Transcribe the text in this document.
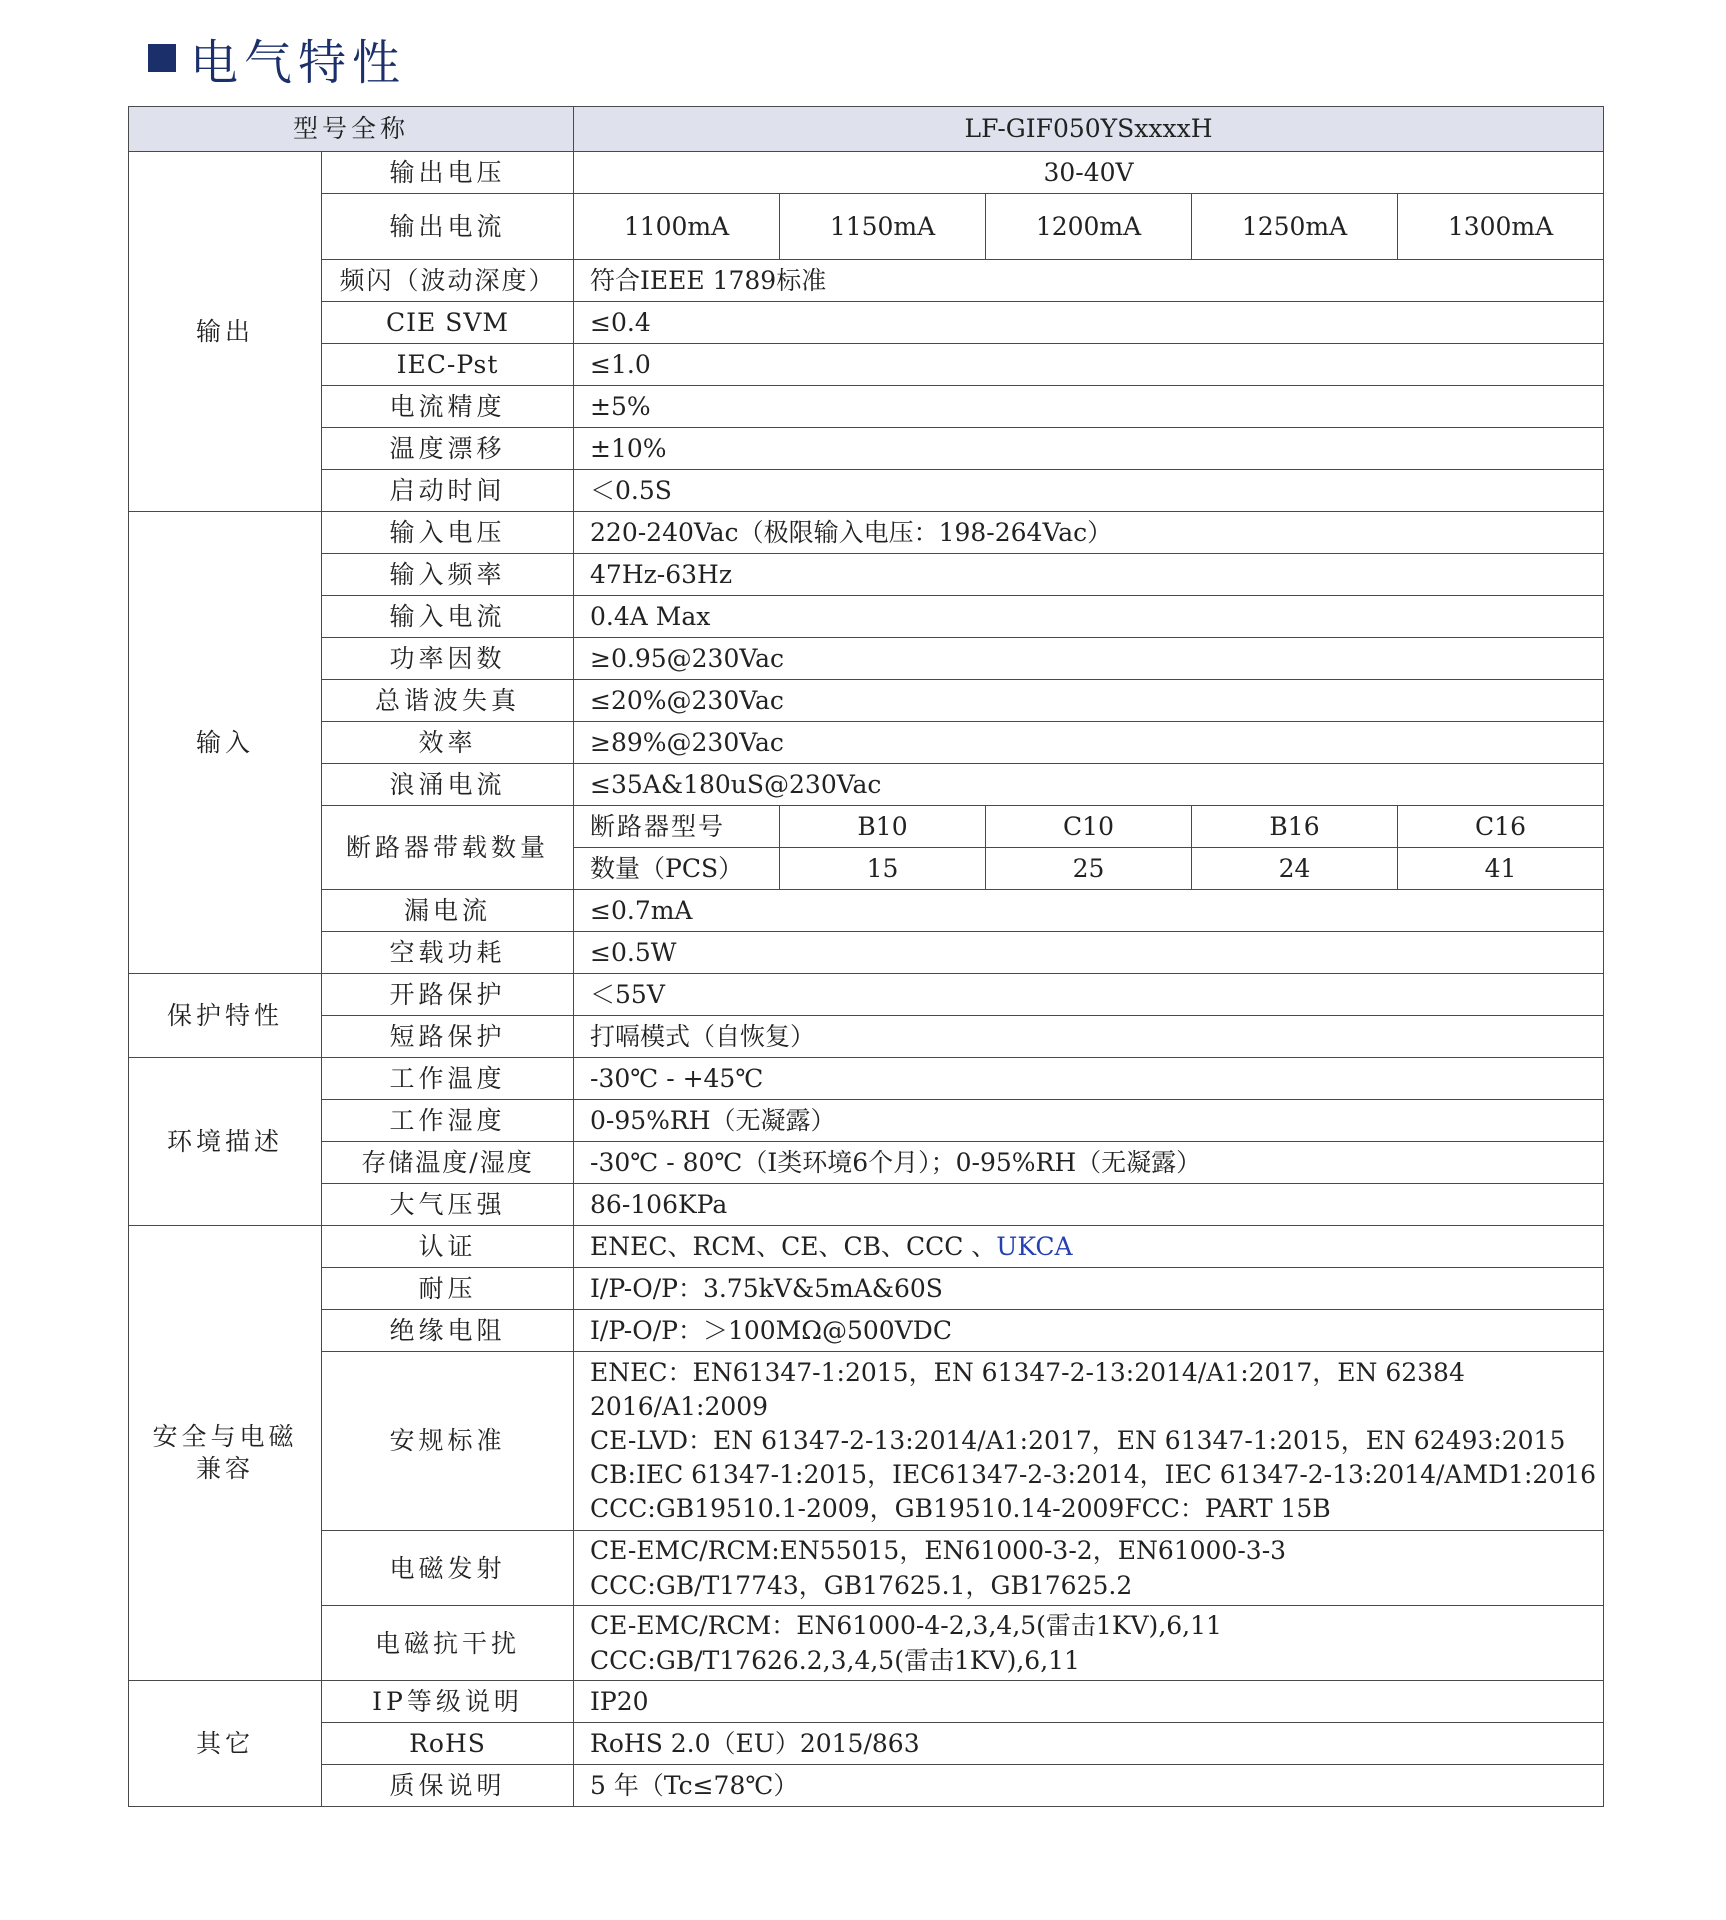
电气特性
型号全称		LF-GIF050YSxxxxH				
输出	输出电压	30-40V				
	输出电流	1100mA	1150mA	1200mA	1250mA	1300mA
	频闪（波动深度）	符合IEEE 1789标准				
	CIE SVM	≤0.4				
	IEC-Pst	≤1.0				
	电流精度	±5%				
	温度漂移	±10%				
	启动时间	＜0.5S				
输入	输入电压	220-240Vac（极限输入电压：198-264Vac）				
	输入频率	47Hz-63Hz				
	输入电流	0.4A Max				
	功率因数	≥0.95@230Vac				
	总谐波失真	≤20%@230Vac				
	效率	≥89%@230Vac				
	浪涌电流	≤35A&180uS@230Vac				
	断路器带载数量	断路器型号	B10	C10	B16	C16
		数量（PCS）	15	25	24	41
	漏电流	≤0.7mA				
	空载功耗	≤0.5W				
保护特性	开路保护	＜55V				
	短路保护	打嗝模式（自恢复）				
环境描述	工作温度	-30℃ - +45℃				
	工作湿度	0-95%RH（无凝露）				
	存储温度/湿度	-30℃ - 80℃（Ⅰ类环境6个月）；0-95%RH（无凝露）				
	大气压强	86-106KPa				

安全与电磁
兼容	认证	ENEC、RCM、CE、CB、CCC 、UKCA				
	耐压	I/P-O/P：3.75kV&5mA&60S				
	绝缘电阻	I/P-O/P：＞100MΩ@500VDC				
	安规标准	ENEC：EN61347-1:2015，EN 61347-2-13:2014/A1:2017，EN 62384
2016/A1:2009
CE-LVD：EN 61347-2-13:2014/A1:2017，EN 61347-1:2015，EN 62493:2015
CB:IEC 61347-1:2015，IEC61347-2-3:2014，IEC 61347-2-13:2014/AMD1:2016
CCC:GB19510.1-2009，GB19510.14-2009FCC：PART 15B				

	电磁发射	CE-EMC/RCM:EN55015，EN61000-3-2，EN61000-3-3
CCC:GB/T17743，GB17625.1，GB17625.2				

	电磁抗干扰	CE-EMC/RCM：EN61000-4-2,3,4,5(雷击1KV),6,11
CCC:GB/T17626.2,3,4,5(雷击1KV),6,11				

其它	IP等级说明	IP20				
	RoHS	RoHS 2.0（EU）2015/863				
	质保说明	5 年（Tc≤78℃）				
